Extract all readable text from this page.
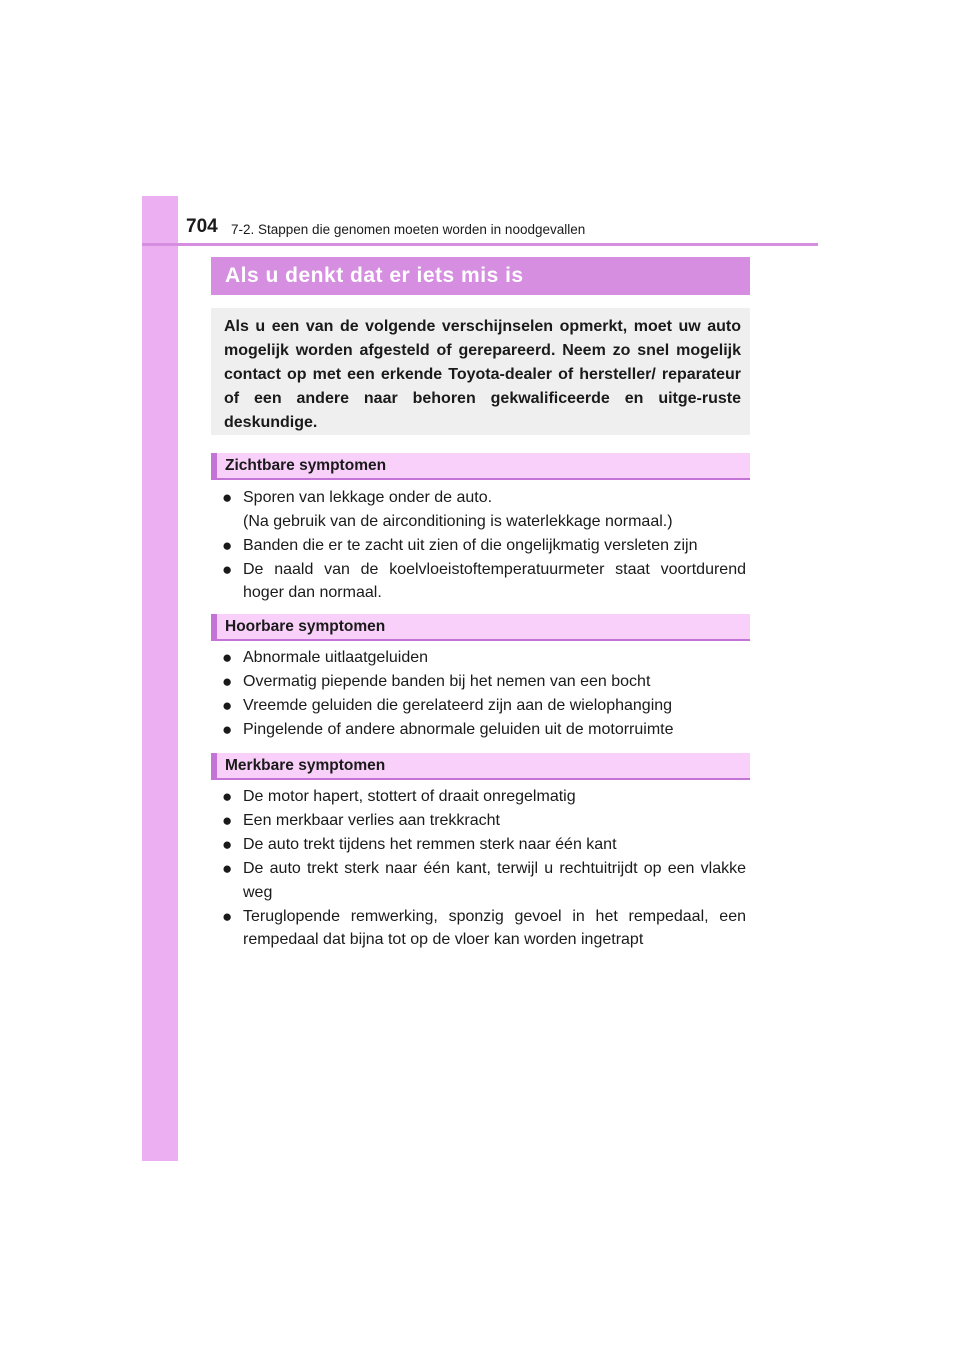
704 7-2. Stappen die genomen moeten worden in noodgevallen
Als u denkt dat er iets mis is
Als u een van de volgende verschijnselen opmerkt, moet uw auto mogelijk worden afgesteld of gerepareerd. Neem zo snel mogelijk contact op met een erkende Toyota-dealer of hersteller/ reparateur of een andere naar behoren gekwalificeerde en uitge-ruste deskundige.
Zichtbare symptomen
● Sporen van lekkage onder de auto.
(Na gebruik van de airconditioning is waterlekkage normaal.)
● Banden die er te zacht uit zien of die ongelijkmatig versleten zijn
● De naald van de koelvloeistoftemperatuurmeter staat voortdurend hoger dan normaal.
Hoorbare symptomen
● Abnormale uitlaatgeluiden
● Overmatig piepende banden bij het nemen van een bocht
● Vreemde geluiden die gerelateerd zijn aan de wielophanging
● Pingelende of andere abnormale geluiden uit de motorruimte
Merkbare symptomen
● De motor hapert, stottert of draait onregelmatig
● Een merkbaar verlies aan trekkracht
● De auto trekt tijdens het remmen sterk naar één kant
● De auto trekt sterk naar één kant, terwijl u rechtuitrijdt op een vlakke weg
● Teruglopende remwerking, sponzig gevoel in het rempedaal, een rempedaal dat bijna tot op de vloer kan worden ingetrapt
